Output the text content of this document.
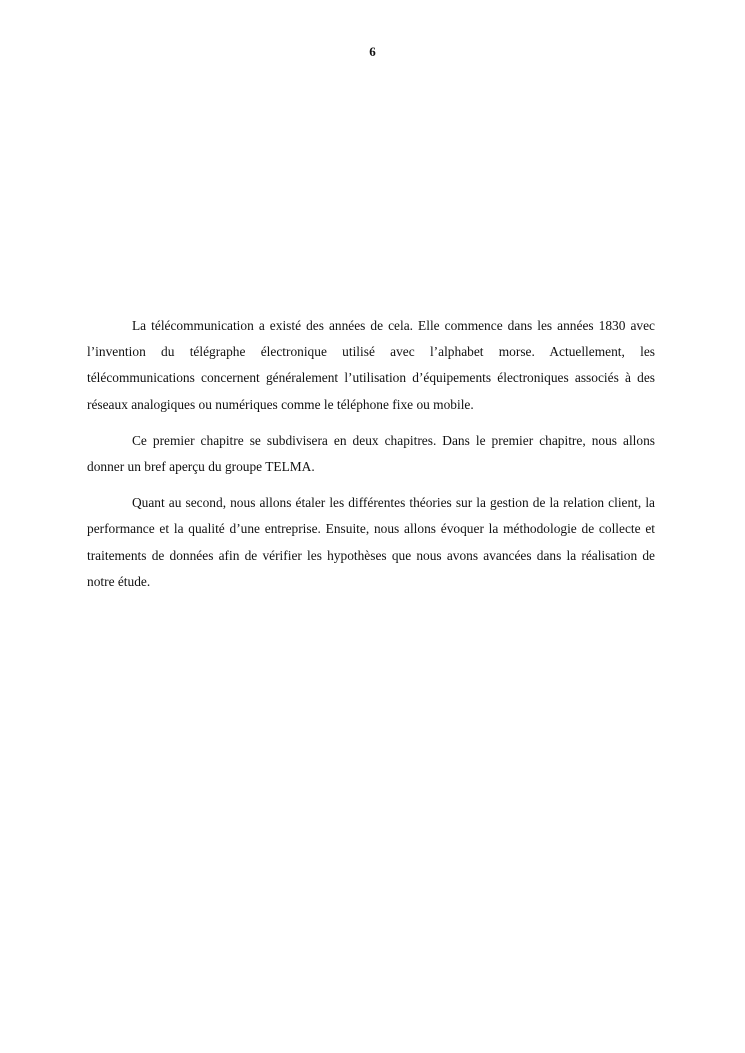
6

La télécommunication a existé des années de cela. Elle commence dans les années 1830 avec l’invention du télégraphe électronique utilisé avec l’alphabet morse. Actuellement, les télécommunications concernent généralement l’utilisation d’équipements électroniques associés à des réseaux analogiques ou numériques comme le téléphone fixe ou mobile.

Ce premier chapitre se subdivisera en deux chapitres. Dans le premier chapitre, nous allons donner un bref aperçu du groupe TELMA.

Quant au second, nous allons étaler les différentes théories sur la gestion de la relation client, la performance et la qualité d’une entreprise. Ensuite, nous allons évoquer la méthodologie de collecte et traitements de données afin de vérifier les hypothèses que nous avons avancées dans la réalisation de notre étude.
